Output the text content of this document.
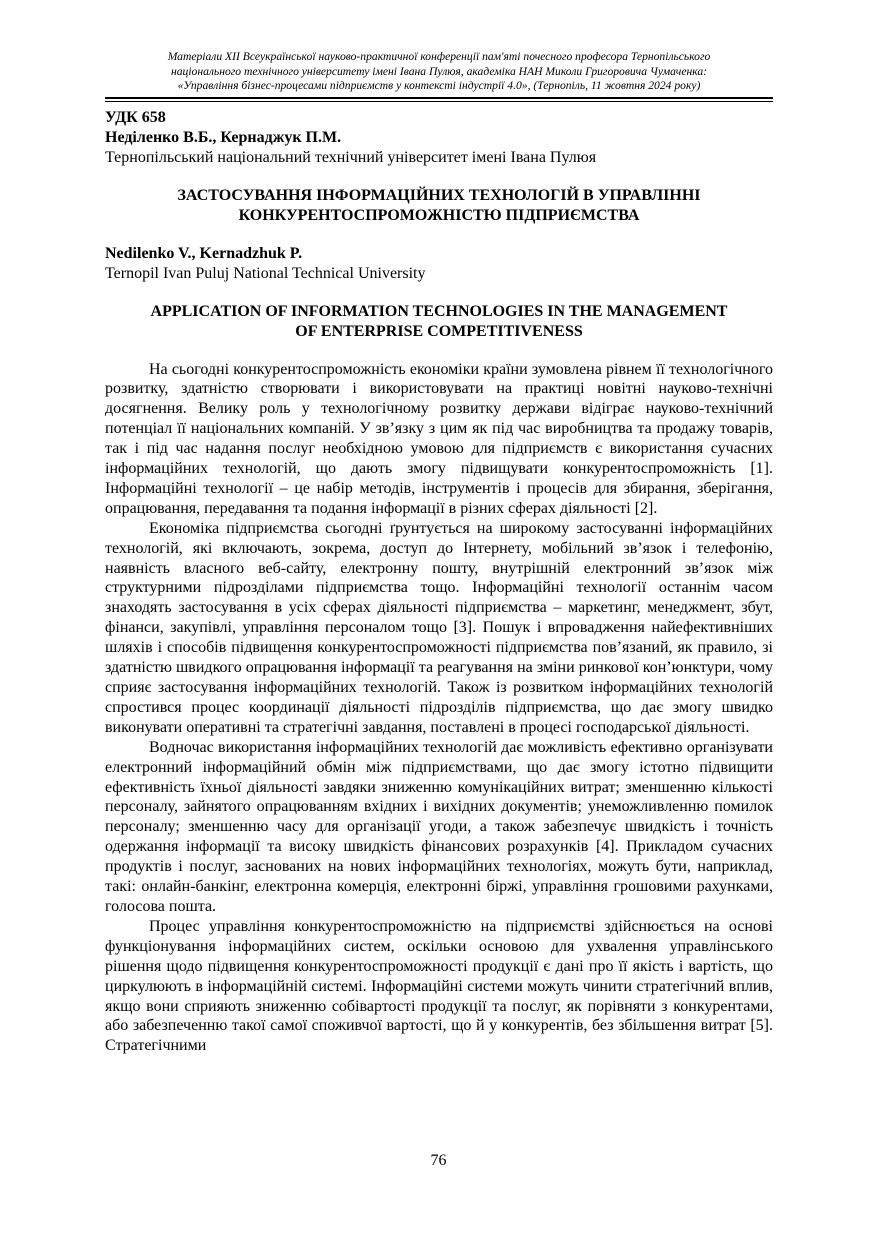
Матеріали XII Всеукраїнської науково-практичної конференції пам'яті почесного професора Тернопільського
національного технічного університету імені Івана Пулюя, академіка НАН Миколи Григоровича Чумаченка:
«Управління бізнес-процесами підприємств у контексті індустрії 4.0», (Тернопіль, 11 жовтня 2024 року)

УДК 658

Неділенко В.Б., Кернаджук П.М.

Тернопільський національний технічний університет імені Івана Пулюя

ЗАСТОСУВАННЯ ІНФОРМАЦІЙНИХ ТЕХНОЛОГІЙ В УПРАВЛІННІ

КОНКУРЕНТОСПРОМОЖНІСТЮ ПІДПРИЄМСТВА

Nedilenko V., Kernadzhuk P.

Ternopil Ivan Puluj National Technical University

APPLICATION OF INFORMATION TECHNOLOGIES IN THE MANAGEMENT

OF ENTERPRISE COMPETITIVENESS

На сьогодні конкурентоспроможність економіки країни зумовлена рівнем її технологічного розвитку, здатністю створювати і використовувати на практиці новітні науково-технічні досягнення. Велику роль у технологічному розвитку держави відіграє науково-технічний потенціал її національних компаній. У зв’язку з цим як під час виробництва та продажу товарів, так і під час надання послуг необхідною умовою для підприємств є використання сучасних інформаційних технологій, що дають змогу підвищувати конкурентоспроможність [1]. Інформаційні технології – це набір методів, інструментів і процесів для збирання, зберігання, опрацювання, передавання та подання інформації в різних сферах діяльності [2].

Економіка підприємства сьогодні ґрунтується на широкому застосуванні інформаційних технологій, які включають, зокрема, доступ до Інтернету, мобільний зв’язок і телефонію, наявність власного веб-сайту, електронну пошту, внутрішній електронний зв’язок між структурними підрозділами підприємства тощо. Інформаційні технології останнім часом знаходять застосування в усіх сферах діяльності підприємства – маркетинг, менеджмент, збут, фінанси, закупівлі, управління персоналом тощо [3]. Пошук і впровадження найефективніших шляхів і способів підвищення конкурентоспроможності підприємства пов’язаний, як правило, зі здатністю швидкого опрацювання інформації та реагування на зміни ринкової кон’юнктури, чому сприяє застосування інформаційних технологій. Також із розвитком інформаційних технологій спростився процес координації діяльності підрозділів підприємства, що дає змогу швидко виконувати оперативні та стратегічні завдання, поставлені в процесі господарської діяльності.

Водночас використання інформаційних технологій дає можливість ефективно організувати електронний інформаційний обмін між підприємствами, що дає змогу істотно підвищити ефективність їхньої діяльності завдяки зниженню комунікаційних витрат; зменшенню кількості персоналу, зайнятого опрацюванням вхідних і вихідних документів; унеможливленню помилок персоналу; зменшенню часу для організації угоди, а також забезпечує швидкість і точність одержання інформації та високу швидкість фінансових розрахунків [4]. Прикладом сучасних продуктів і послуг, заснованих на нових інформаційних технологіях, можуть бути, наприклад, такі: онлайн-банкінг, електронна комерція, електронні біржі, управління грошовими рахунками, голосова пошта.

Процес управління конкурентоспроможністю на підприємстві здійснюється на основі функціонування інформаційних систем, оскільки основою для ухвалення управлінського рішення щодо підвищення конкурентоспроможності продукції є дані про її якість і вартість, що циркулюють в інформаційній системі. Інформаційні системи можуть чинити стратегічний вплив, якщо вони сприяють зниженню собівартості продукції та послуг, як порівняти з конкурентами, або забезпеченню такої самої споживчої вартості, що й у конкурентів, без збільшення витрат [5]. Стратегічними

76
